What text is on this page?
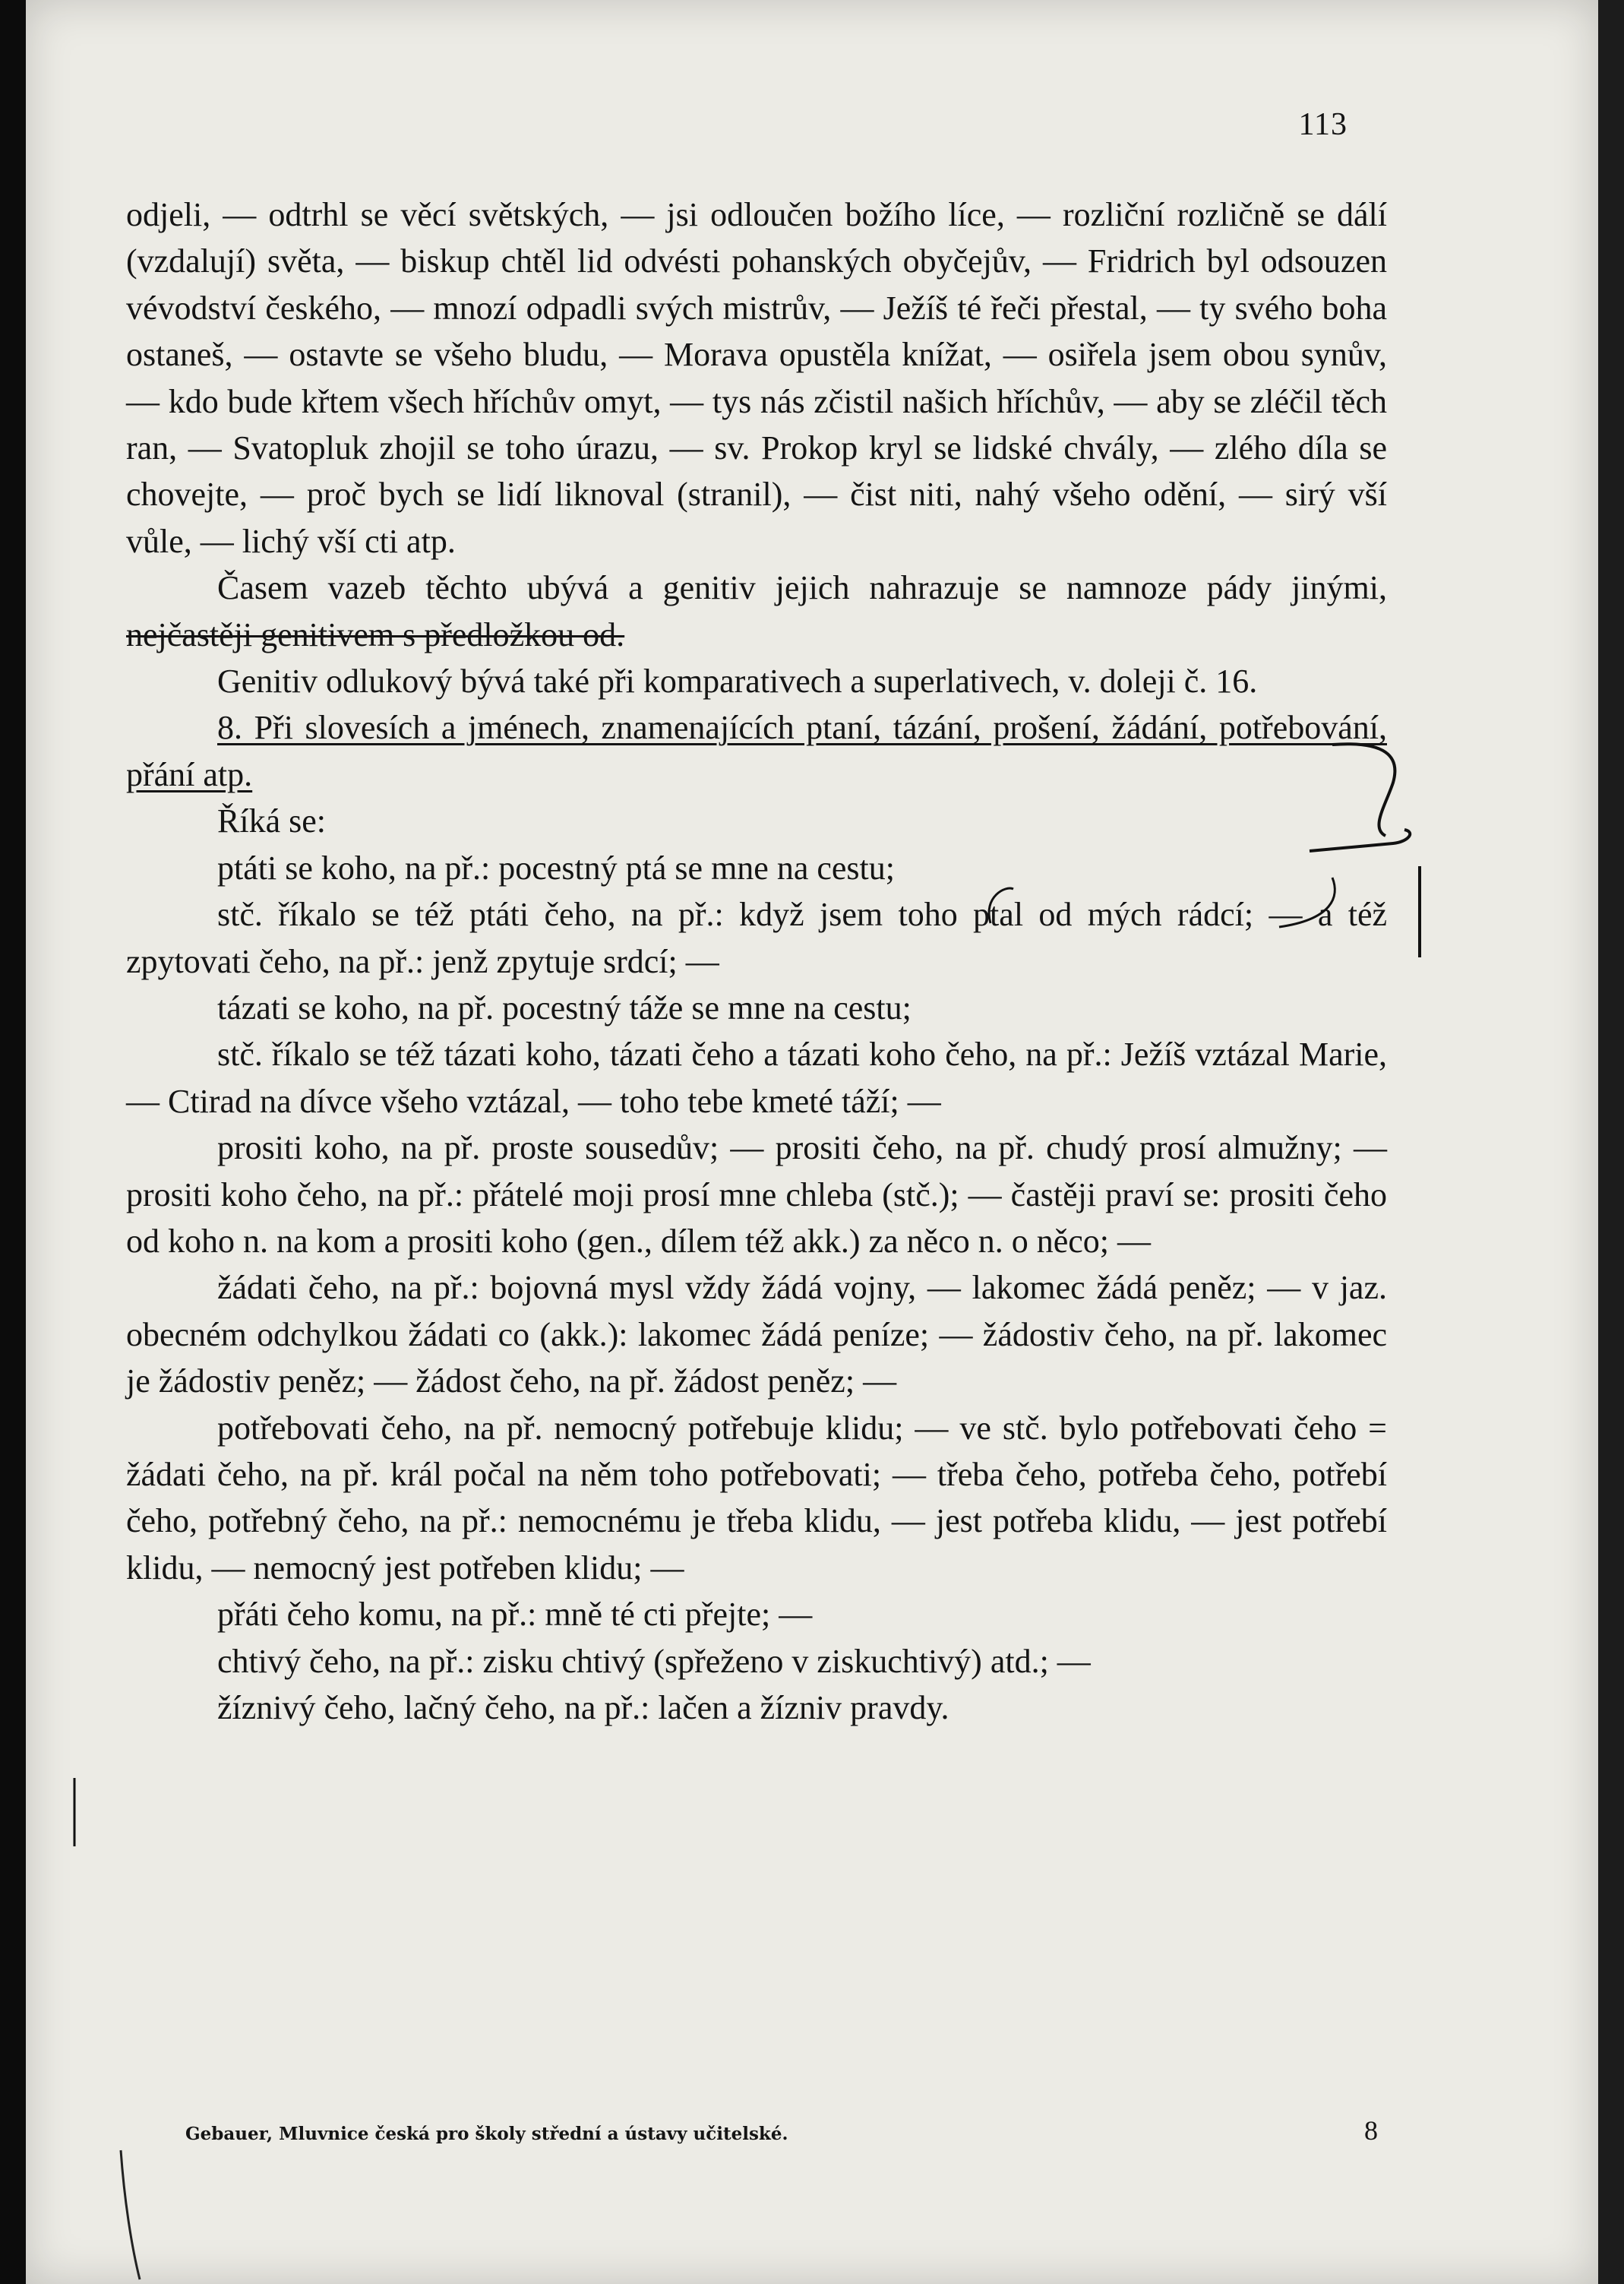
113

odjeli, — odtrhl se věcí světských, — jsi odloučen božího líce, — rozliční rozličně se dálí (vzdalují) světa, — biskup chtěl lid odvésti pohanských obyčejův, — Fridrich byl odsouzen vévodství českého, — mnozí odpadli svých mistrův, — Ježíš té řeči přestal, — ty svého boha ostaneš, — ostavte se všeho bludu, — Morava opustěla knížat, — osiřela jsem obou synův, — kdo bude křtem všech hříchův omyt, — tys nás zčistil našich hříchův, — aby se zléčil těch ran, — Svatopluk zhojil se toho úrazu, — sv. Prokop kryl se lidské chvály, — zlého díla se chovejte, — proč bych se lidí liknoval (stranil), — čist niti, nahý všeho odění, — sirý vší vůle, — lichý vší cti atp.

Časem vazeb těchto ubývá a genitiv jejich nahrazuje se namnoze pády jinými, nejčastěji genitivem s předložkou od.

Genitiv odlukový bývá také při komparativech a superlativech, v. doleji č. 16.

8. Při slovesích a jménech, znamenajících ptaní, tázání, prošení, žádání, potřebování, přání atp.

Říká se:

ptáti se koho, na př.: pocestný ptá se mne na cestu;

stč. říkalo se též ptáti čeho, na př.: když jsem toho ptal od mých rádcí; — a též zpytovati čeho, na př.: jenž zpytuje srdcí; —

tázati se koho, na př. pocestný táže se mne na cestu;

stč. říkalo se též tázati koho, tázati čeho a tázati koho čeho, na př.: Ježíš vztázal Marie, — Ctirad na dívce všeho vztázal, — toho tebe kmeté táží; —

prositi koho, na př. proste sousedův; — prositi čeho, na př. chudý prosí almužny; — prositi koho čeho, na př.: přátelé moji prosí mne chleba (stč.); — častěji praví se: prositi čeho od koho n. na kom a prositi koho (gen., dílem též akk.) za něco n. o něco; —

žádati čeho, na př.: bojovná mysl vždy žádá vojny, — lakomec žádá peněz; — v jaz. obecném odchylkou žádati co (akk.): lakomec žádá peníze; — žádostiv čeho, na př. lakomec je žádostiv peněz; — žádost čeho, na př. žádost peněz; —

potřebovati čeho, na př. nemocný potřebuje klidu; — ve stč. bylo potřebovati čeho = žádati čeho, na př. král počal na něm toho potřebovati; — třeba čeho, potřeba čeho, potřebí čeho, potřebný čeho, na př.: nemocnému je třeba klidu, — jest potřeba klidu, — jest potřebí klidu, — nemocný jest potřeben klidu; —

přáti čeho komu, na př.: mně té cti přejte; —

chtivý čeho, na př.: zisku chtivý (spřeženo v ziskuchtivý) atd.; —

žíznivý čeho, lačný čeho, na př.: lačen a žízniv pravdy.

Gebauer, Mluvnice česká pro školy střední a ústavy učitelské.	8
